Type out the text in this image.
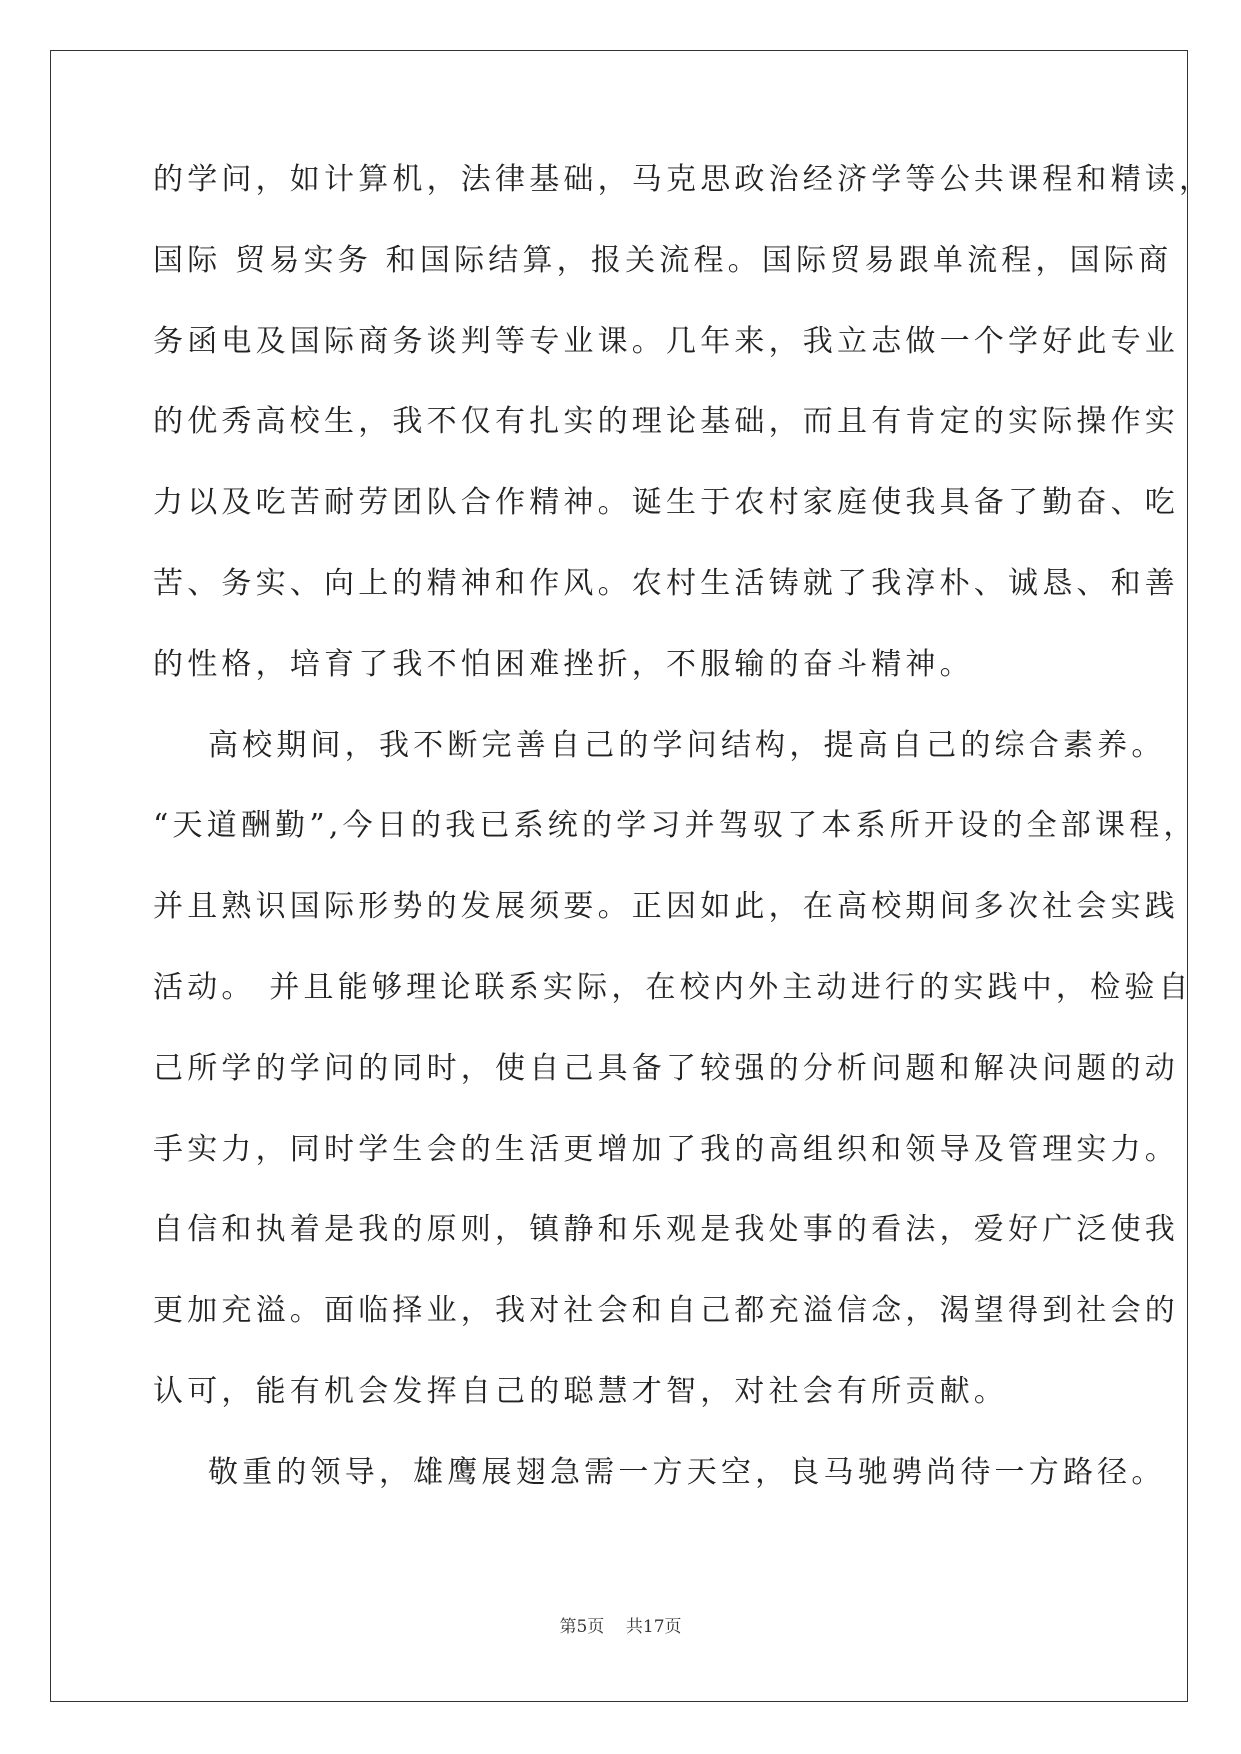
的学问，如计算机，法律基础，马克思政治经济学等公共课程和精读，

国际 贸易实务 和国际结算，报关流程。国际贸易跟单流程，国际商

务函电及国际商务谈判等专业课。几年来，我立志做一个学好此专业

的优秀高校生，我不仅有扎实的理论基础，而且有肯定的实际操作实

力以及吃苦耐劳团队合作精神。诞生于农村家庭使我具备了勤奋、吃

苦、务实、向上的精神和作风。农村生活铸就了我淳朴、诚恳、和善

的性格，培育了我不怕困难挫折，不服输的奋斗精神。

高校期间，我不断完善自己的学问结构，提高自己的综合素养。

“天道酬勤”,今日的我已系统的学习并驾驭了本系所开设的全部课程，

并且熟识国际形势的发展须要。正因如此，在高校期间多次社会实践

活动。 并且能够理论联系实际，在校内外主动进行的实践中，检验自

己所学的学问的同时，使自己具备了较强的分析问题和解决问题的动

手实力，同时学生会的生活更增加了我的高组织和领导及管理实力。

自信和执着是我的原则，镇静和乐观是我处事的看法，爱好广泛使我

更加充溢。面临择业，我对社会和自己都充溢信念，渴望得到社会的

认可，能有机会发挥自己的聪慧才智，对社会有所贡献。

敬重的领导，雄鹰展翅急需一方天空，良马驰骋尚待一方路径。

第5页 共17页
